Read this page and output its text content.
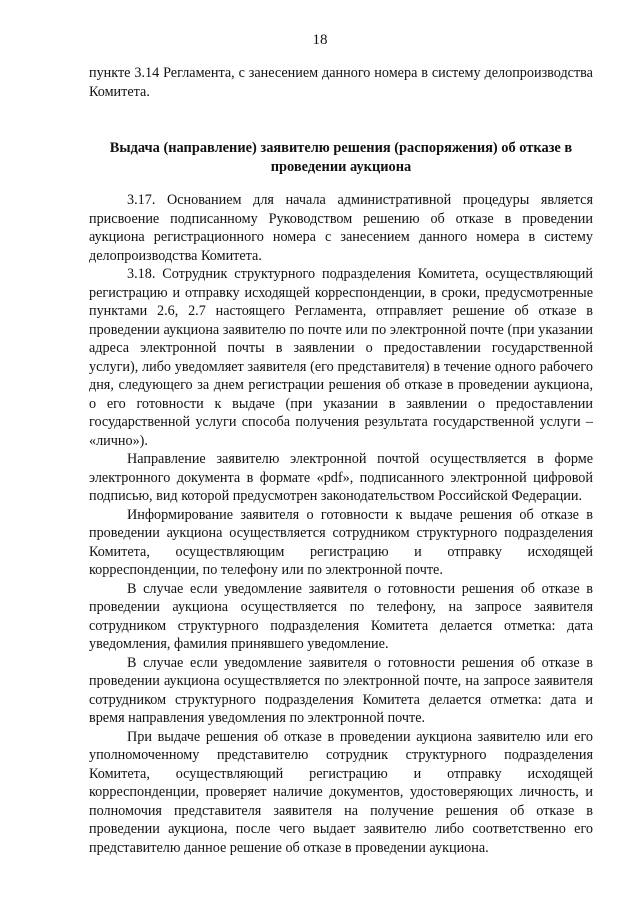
18

пункте 3.14 Регламента, с занесением данного номера в систему делопроизводства Комитета.

Выдача (направление) заявителю решения (распоряжения) об отказе в проведении аукциона

3.17. Основанием для начала административной процедуры является присвоение подписанному Руководством решению об отказе в проведении аукциона регистрационного номера с занесением данного номера в систему делопроизводства Комитета.

3.18. Сотрудник структурного подразделения Комитета, осуществляющий регистрацию и отправку исходящей корреспонденции, в сроки, предусмотренные пунктами 2.6, 2.7 настоящего Регламента, отправляет решение об отказе в проведении аукциона заявителю по почте или по электронной почте (при указании адреса электронной почты в заявлении о предоставлении государственной услуги), либо уведомляет заявителя (его представителя) в течение одного рабочего дня, следующего за днем регистрации решения об отказе в проведении аукциона, о его готовности к выдаче (при указании в заявлении о предоставлении государственной услуги способа получения результата государственной услуги – «лично»).

Направление заявителю электронной почтой осуществляется в форме электронного документа в формате «pdf», подписанного электронной цифровой подписью, вид которой предусмотрен законодательством Российской Федерации.

Информирование заявителя о готовности к выдаче решения об отказе в проведении аукциона осуществляется сотрудником структурного подразделения Комитета, осуществляющим регистрацию и отправку исходящей корреспонденции, по телефону или по электронной почте.

В случае если уведомление заявителя о готовности решения об отказе в проведении аукциона осуществляется по телефону, на запросе заявителя сотрудником структурного подразделения Комитета делается отметка: дата уведомления, фамилия принявшего уведомление.

В случае если уведомление заявителя о готовности решения об отказе в проведении аукциона осуществляется по электронной почте, на запросе заявителя сотрудником структурного подразделения Комитета делается отметка: дата и время направления уведомления по электронной почте.

При выдаче решения об отказе в проведении аукциона заявителю или его уполномоченному представителю сотрудник структурного подразделения Комитета, осуществляющий регистрацию и отправку исходящей корреспонденции, проверяет наличие документов, удостоверяющих личность, и полномочия представителя заявителя на получение решения об отказе в проведении аукциона, после чего выдает заявителю либо соответственно его представителю данное решение об отказе в проведении аукциона.
